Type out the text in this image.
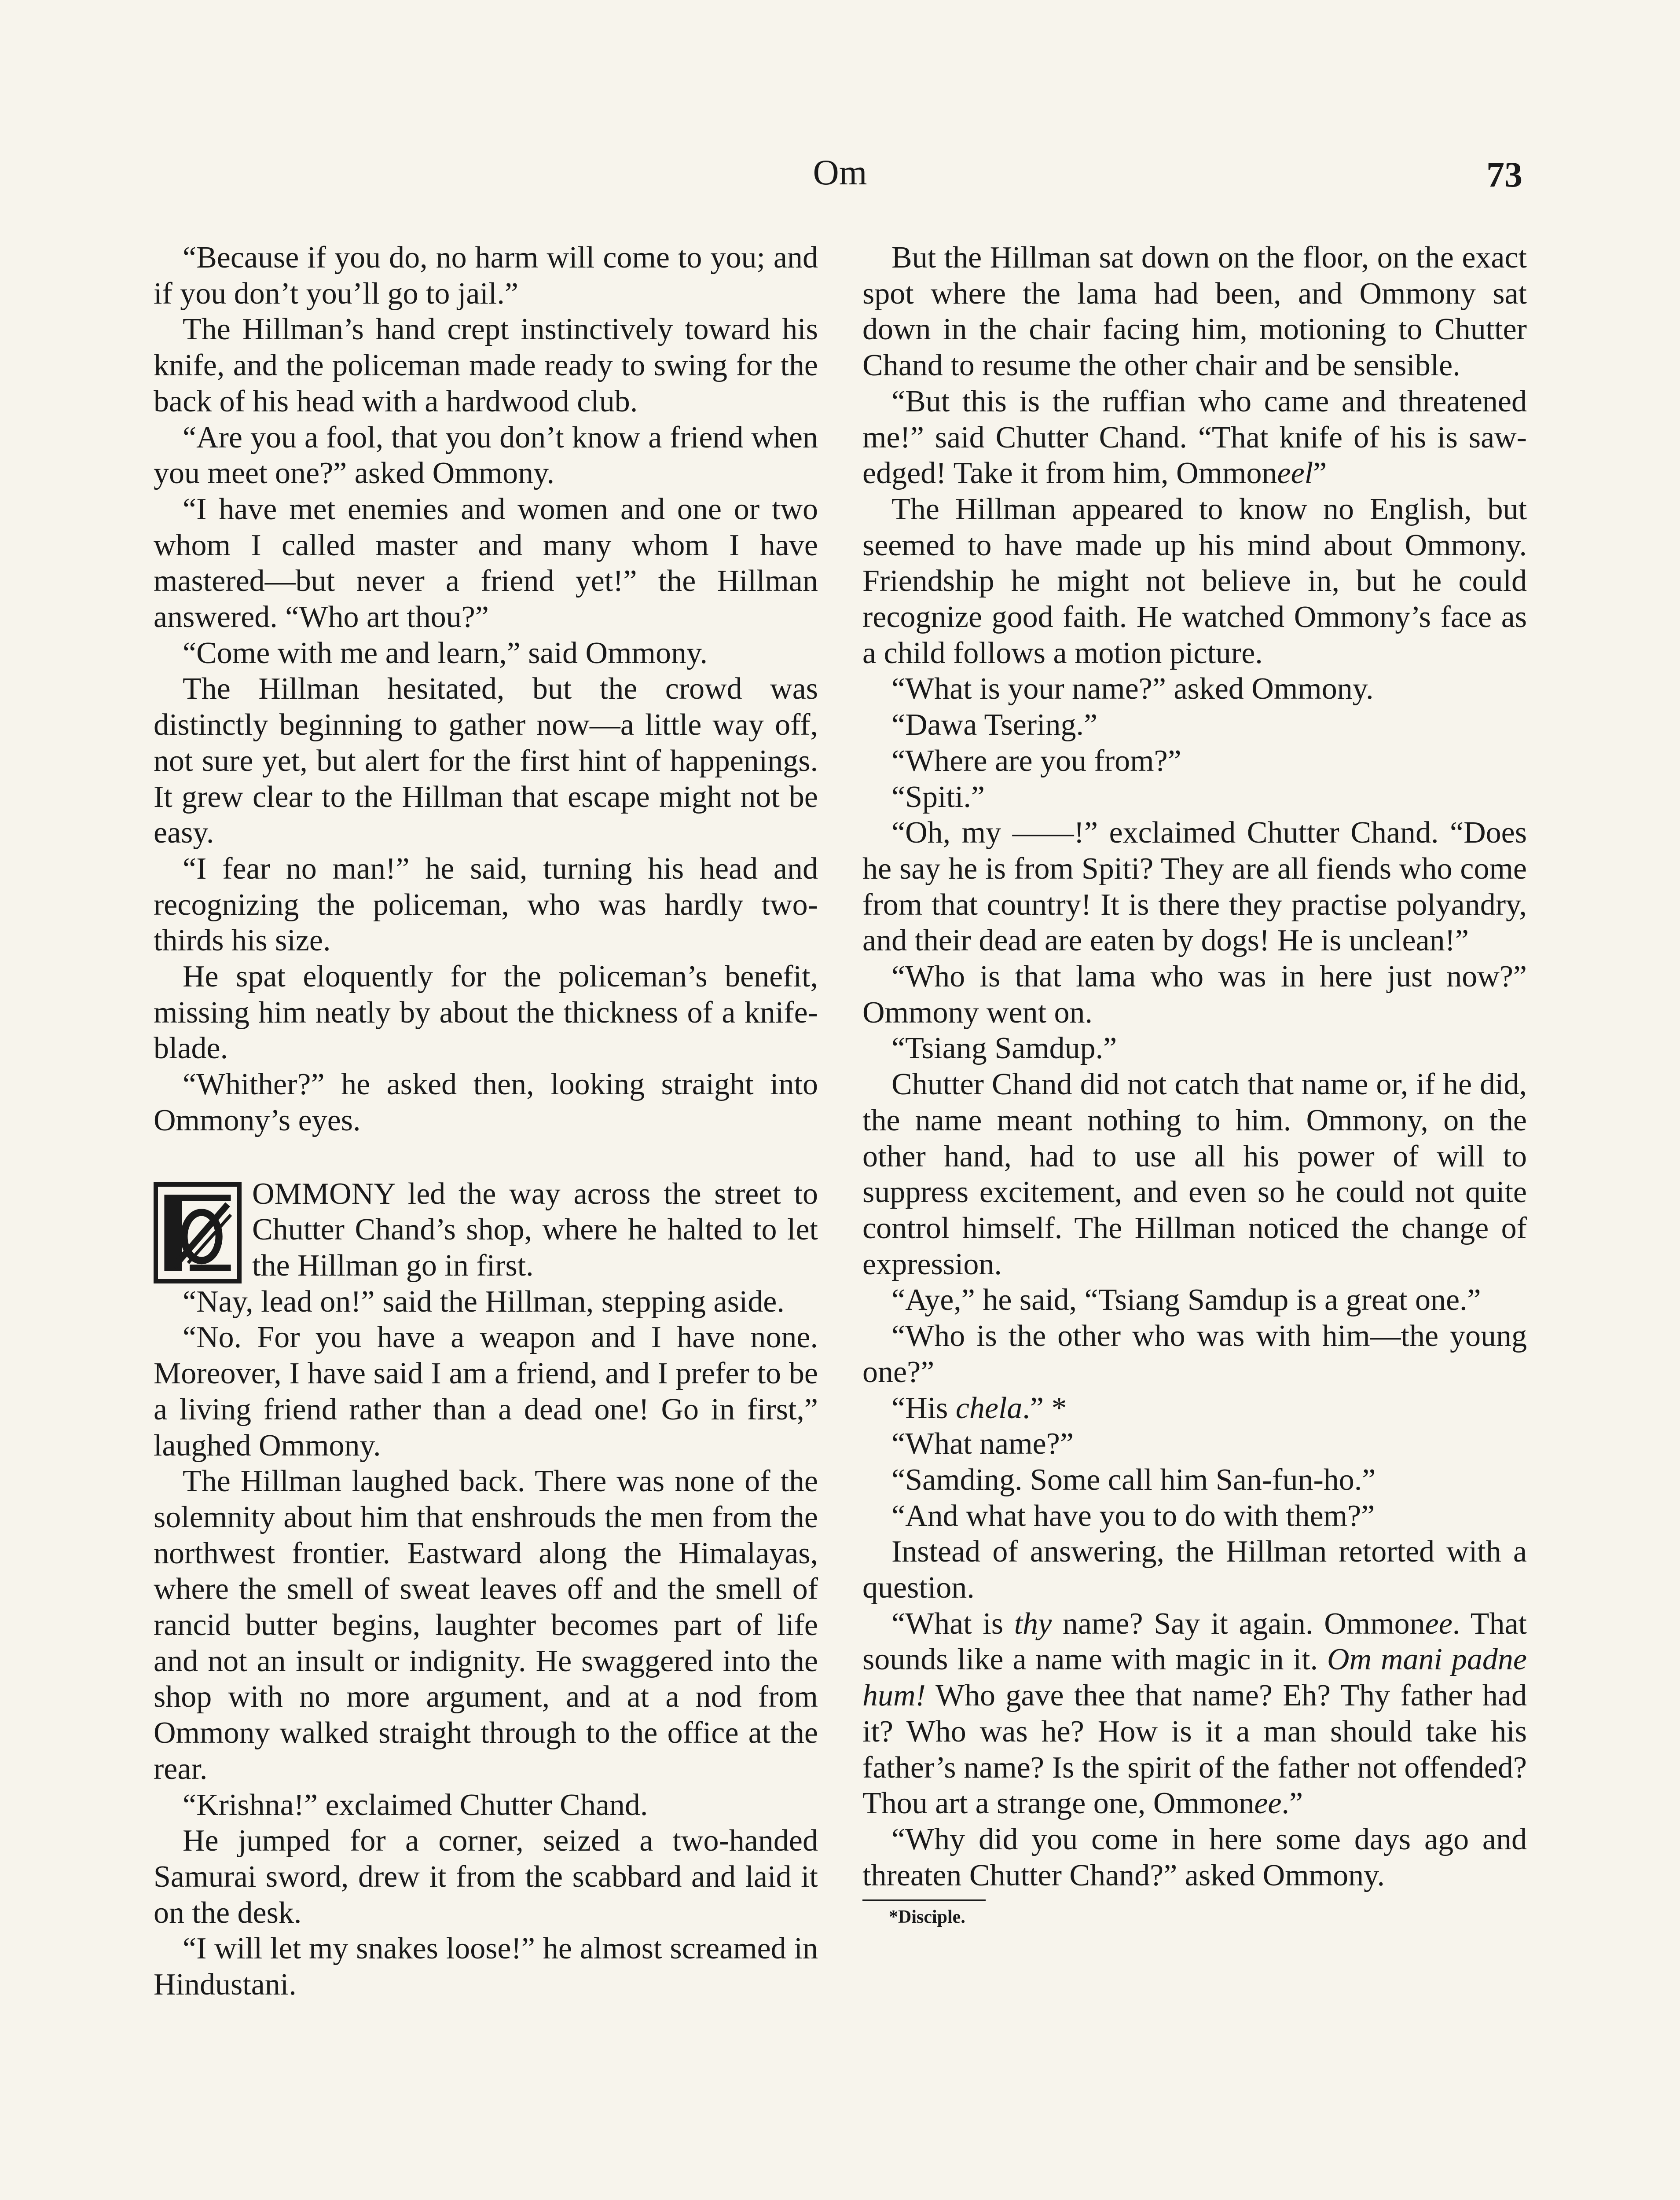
Om	73

“Because if you do, no harm will come to you; and if you don’t you’ll go to jail.”

The Hillman’s hand crept instinctively toward his knife, and the policeman made ready to swing for the back of his head with a hardwood club.

“Are you a fool, that you don’t know a friend when you meet one?” asked Ommony.

“I have met enemies and women and one or two whom I called master and many whom I have mastered—but never a friend yet!” the Hillman answered. “Who art thou?”

“Come with me and learn,” said Ommony.

The Hillman hesitated, but the crowd was distinctly beginning to gather now—a little way off, not sure yet, but alert for the first hint of happenings. It grew clear to the Hillman that escape might not be easy.

“I fear no man!” he said, turning his head and recognizing the policeman, who was hardly two-thirds his size.

He spat eloquently for the policeman’s benefit, missing him neatly by about the thickness of a knife-blade.

“Whither?” he asked then, looking straight into Ommony’s eyes.

OMMONY led the way across the street to Chutter Chand’s shop, where he halted to let the Hillman go in first.

“Nay, lead on!” said the Hillman, stepping aside.

“No. For you have a weapon and I have none. Moreover, I have said I am a friend, and I prefer to be a living friend rather than a dead one! Go in first,” laughed Ommony.

The Hillman laughed back. There was none of the solemnity about him that enshrouds the men from the northwest frontier. Eastward along the Himalayas, where the smell of sweat leaves off and the smell of rancid butter begins, laughter becomes part of life and not an insult or indignity. He swaggered into the shop with no more argument, and at a nod from Ommony walked straight through to the office at the rear.

“Krishna!” exclaimed Chutter Chand.

He jumped for a corner, seized a two-handed Samurai sword, drew it from the scabbard and laid it on the desk.

“I will let my snakes loose!” he almost screamed in Hindustani.

But the Hillman sat down on the floor, on the exact spot where the lama had been, and Ommony sat down in the chair facing him, motioning to Chutter Chand to resume the other chair and be sensible.

“But this is the ruffian who came and threatened me!” said Chutter Chand. “That knife of his is saw-edged! Take it from him, Ommoneel”

The Hillman appeared to know no English, but seemed to have made up his mind about Ommony. Friendship he might not believe in, but he could recognize good faith. He watched Ommony’s face as a child follows a motion picture.

“What is your name?” asked Ommony.

“Dawa Tsering.”

“Where are you from?”

“Spiti.”

“Oh, my ——!” exclaimed Chutter Chand. “Does he say he is from Spiti? They are all fiends who come from that country! It is there they practise polyandry, and their dead are eaten by dogs! He is unclean!”

“Who is that lama who was in here just now?” Ommony went on.

“Tsiang Samdup.”

Chutter Chand did not catch that name or, if he did, the name meant nothing to him. Ommony, on the other hand, had to use all his power of will to suppress excitement, and even so he could not quite control himself. The Hillman noticed the change of expression.

“Aye,” he said, “Tsiang Samdup is a great one.”

“Who is the other who was with him—the young one?”

“His chela.” *

“What name?”

“Samding. Some call him San-fun-ho.”

“And what have you to do with them?”

Instead of answering, the Hillman retorted with a question.

“What is thy name? Say it again. Ommonee. That sounds like a name with magic in it. Om mani padne hum! Who gave thee that name? Eh? Thy father had it? Who was he? How is it a man should take his father’s name? Is the spirit of the father not offended? Thou art a strange one, Ommonee.”

“Why did you come in here some days ago and threaten Chutter Chand?” asked Ommony.

*Disciple.
